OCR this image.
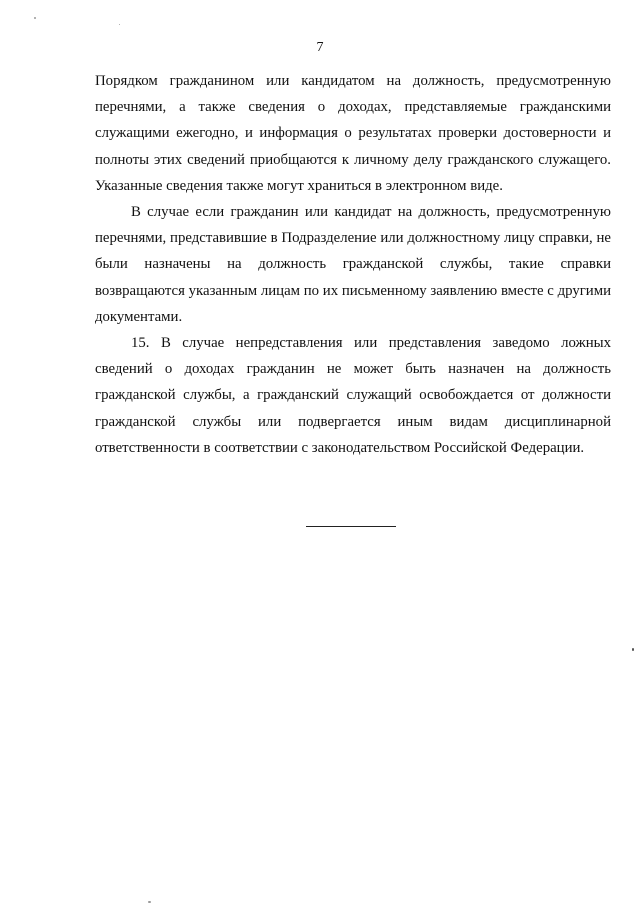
7

Порядком гражданином или кандидатом на должность, предусмотренную перечнями, а также сведения о доходах, представляемые гражданскими служащими ежегодно, и информация о результатах проверки достоверности и полноты этих сведений приобщаются к личному делу гражданского служащего. Указанные сведения также могут храниться в электронном виде.

В случае если гражданин или кандидат на должность, предусмотренную перечнями, представившие в Подразделение или должностному лицу справки, не были назначены на должность гражданской службы, такие справки возвращаются указанным лицам по их письменному заявлению вместе с другими документами.

15. В случае непредставления или представления заведомо ложных сведений о доходах гражданин не может быть назначен на должность гражданской службы, а гражданский служащий освобождается от должности гражданской службы или подвергается иным видам дисциплинарной ответственности в соответствии с законодательством Российской Федерации.
